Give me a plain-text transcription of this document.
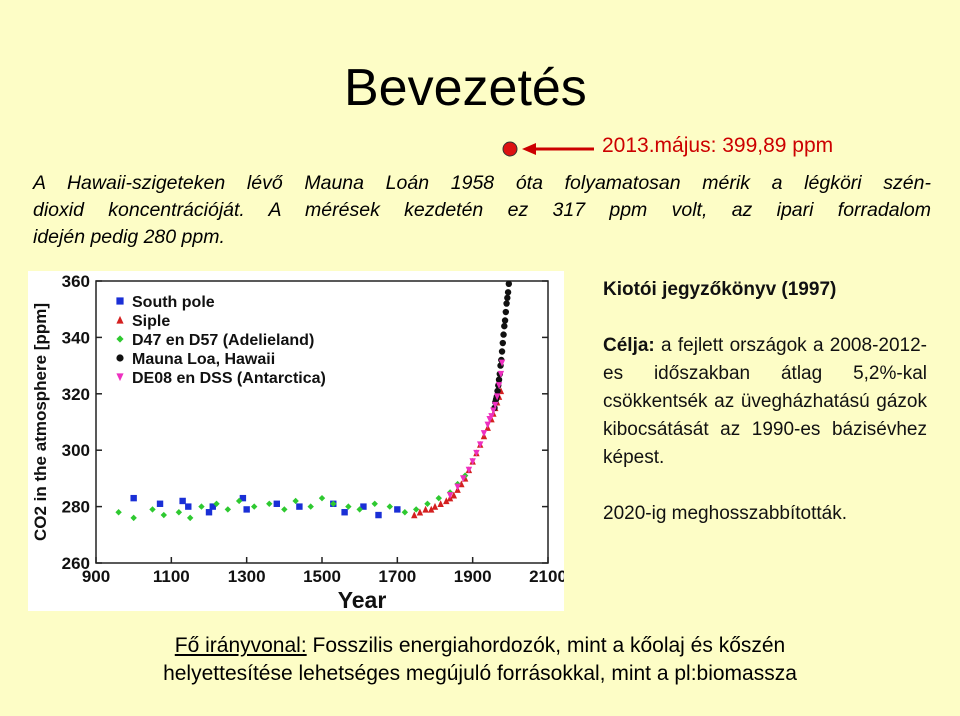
Bevezetés
2013.május: 399,89 ppm
A Hawaii-szigeteken lévő Mauna Loán 1958 óta folyamatosan mérik a légköri szén-
dioxid koncentrációját. A mérések kezdetén ez 317 ppm volt, az ipari forradalom
idején pedig 280 ppm.
260
280
300
320
340
360
900	1100 1300 1500 1700 1900 2100
Year
CO2 in the atmosphere [ppm]
South pole
Siple
D47 en D57 (Adelieland)
Mauna Loa, Hawaii
DE08 en DSS (Antarctica)
Kiotói jegyzőkönyv (1997)
Célja: a fejlett országok a 2008-2012-es időszakban átlag 5,2%-kal csökkentsék az üvegházhatású gázok kibocsátását az 1990-es bázisévhez képest.
2020-ig meghosszabbították.
Fő irányvonal: Fosszilis energiahordozók, mint a kőolaj és kőszén
helyettesítése lehetséges megújuló forrásokkal, mint a pl:biomassza
